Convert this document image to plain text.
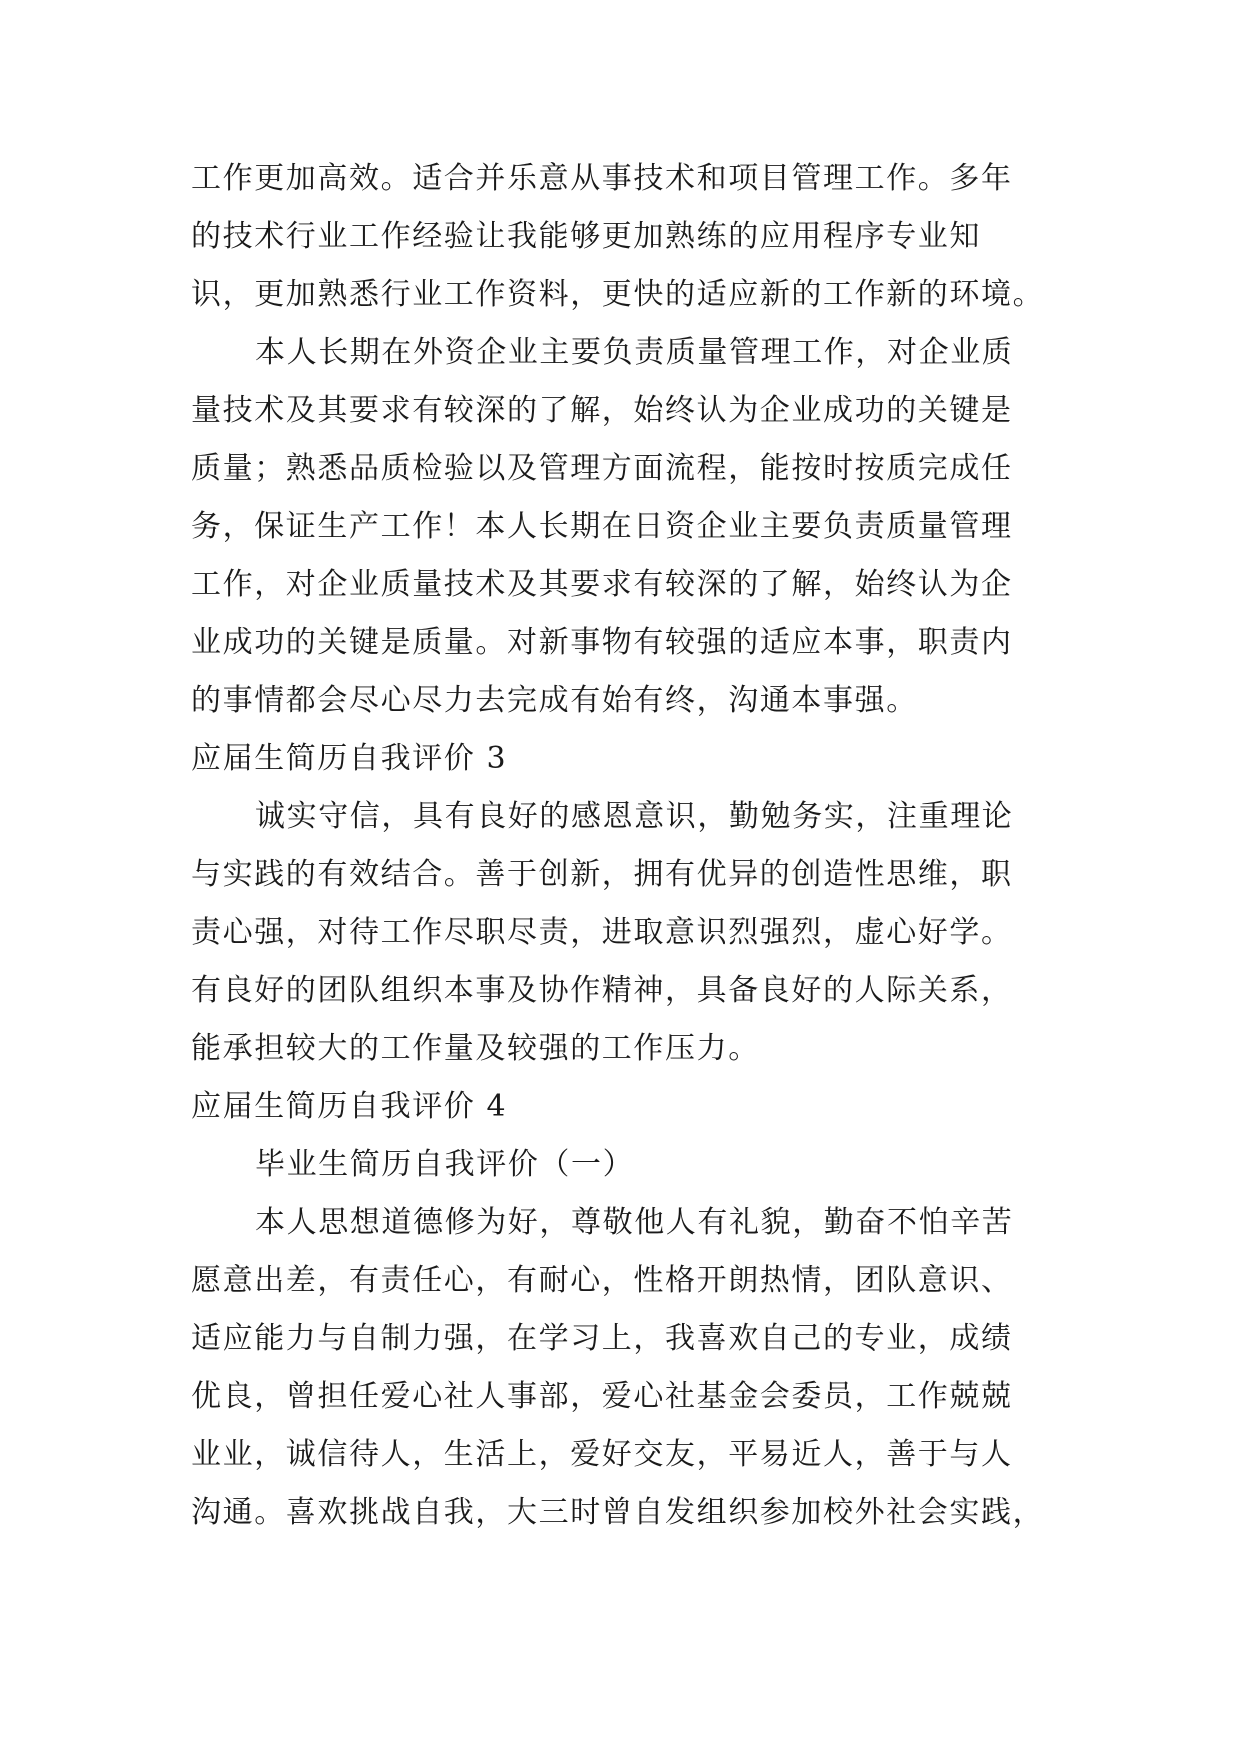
工作更加高效。适合并乐意从事技术和项目管理工作。多年
的技术行业工作经验让我能够更加熟练的应用程序专业知
识，更加熟悉行业工作资料，更快的适应新的工作新的环境。
本人长期在外资企业主要负责质量管理工作，对企业质
量技术及其要求有较深的了解，始终认为企业成功的关键是
质量；熟悉品质检验以及管理方面流程，能按时按质完成任
务，保证生产工作！本人长期在日资企业主要负责质量管理
工作，对企业质量技术及其要求有较深的了解，始终认为企
业成功的关键是质量。对新事物有较强的适应本事，职责内
的事情都会尽心尽力去完成有始有终，沟通本事强。
应届生简历自我评价 3
诚实守信，具有良好的感恩意识，勤勉务实，注重理论
与实践的有效结合。善于创新，拥有优异的创造性思维，职
责心强，对待工作尽职尽责，进取意识烈强烈，虚心好学。
有良好的团队组织本事及协作精神，具备良好的人际关系，
能承担较大的工作量及较强的工作压力。
应届生简历自我评价 4
毕业生简历自我评价（一）
本人思想道德修为好，尊敬他人有礼貌，勤奋不怕辛苦
愿意出差，有责任心，有耐心，性格开朗热情，团队意识、
适应能力与自制力强，在学习上，我喜欢自己的专业，成绩
优良，曾担任爱心社人事部，爱心社基金会委员，工作兢兢
业业，诚信待人，生活上，爱好交友，平易近人，善于与人
沟通。喜欢挑战自我，大三时曾自发组织参加校外社会实践，
